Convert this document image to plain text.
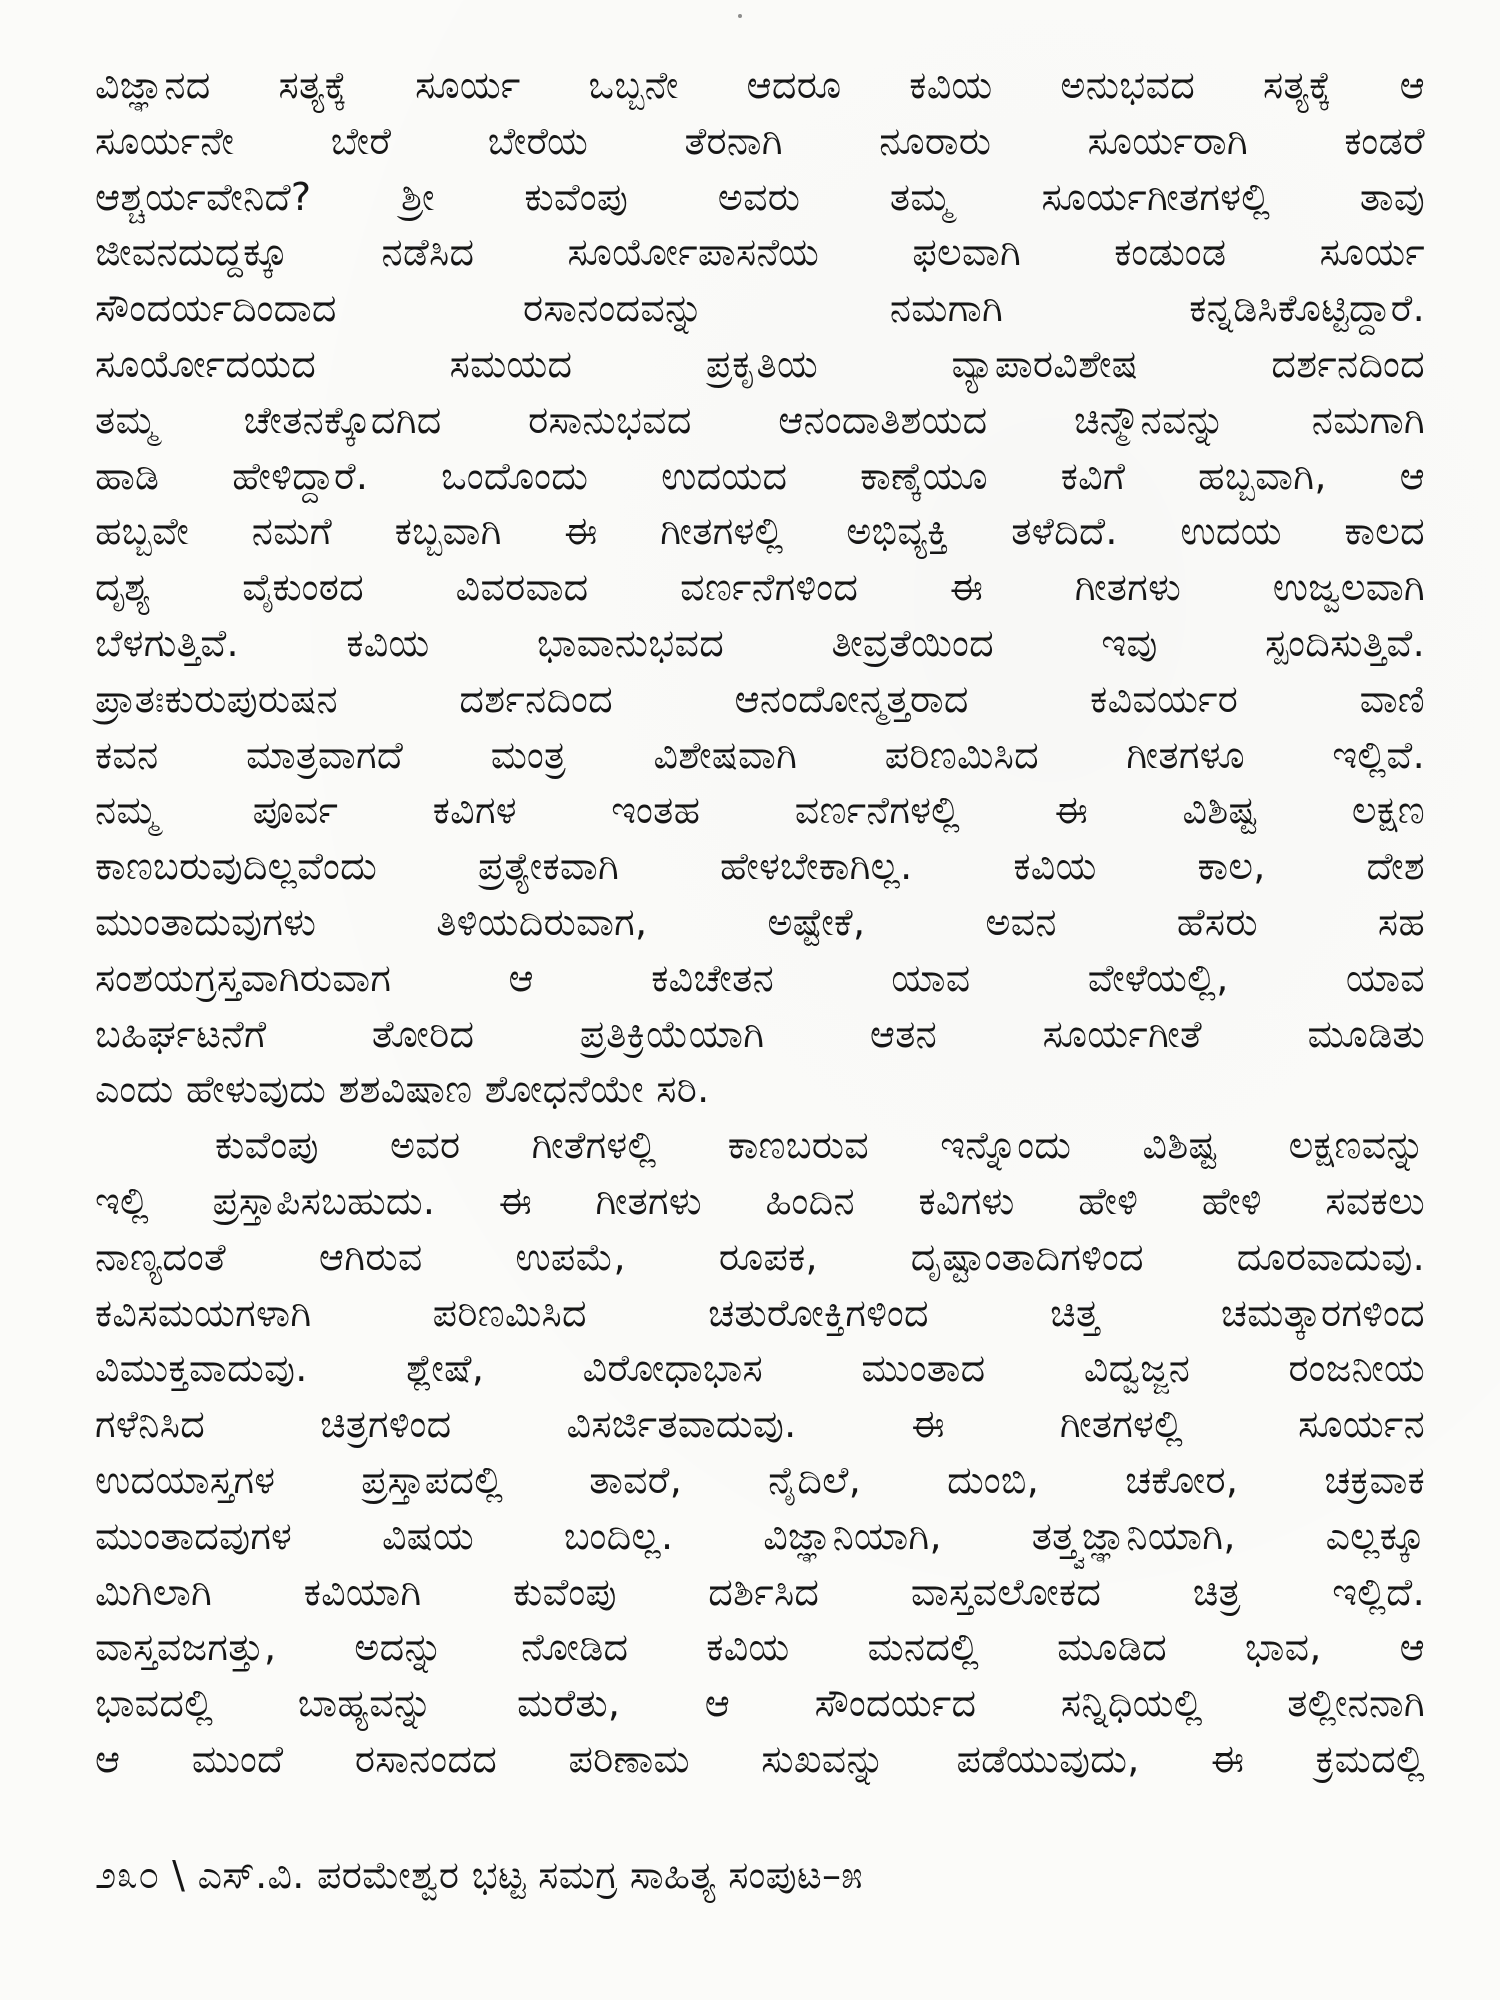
ವಿಜ್ಞಾನದ ಸತ್ಯಕ್ಕೆ ಸೂರ್ಯ ಒಬ್ಬನೇ ಆದರೂ ಕವಿಯ ಅನುಭವದ ಸತ್ಯಕ್ಕೆ ಆ
ಸೂರ್ಯನೇ ಬೇರೆ ಬೇರೆಯ ತೆರನಾಗಿ ನೂರಾರು ಸೂರ್ಯರಾಗಿ ಕಂಡರೆ
ಆಶ್ಚರ್ಯವೇನಿದೆ? ಶ್ರೀ ಕುವೆಂಪು ಅವರು ತಮ್ಮ ಸೂರ್ಯಗೀತಗಳಲ್ಲಿ ತಾವು
ಜೀವನದುದ್ದಕ್ಕೂ ನಡೆಸಿದ ಸೂರ್ಯೋಪಾಸನೆಯ ಫಲವಾಗಿ ಕಂಡುಂಡ ಸೂರ್ಯ
ಸೌಂದರ್ಯದಿಂದಾದ ರಸಾನಂದವನ್ನು ನಮಗಾಗಿ ಕನ್ನಡಿಸಿಕೊಟ್ಟಿದ್ದಾರೆ.
ಸೂರ್ಯೋದಯದ ಸಮಯದ ಪ್ರಕೃತಿಯ ವ್ಯಾಪಾರವಿಶೇಷ ದರ್ಶನದಿಂದ
ತಮ್ಮ ಚೇತನಕ್ಕೊದಗಿದ ರಸಾನುಭವದ ಆನಂದಾತಿಶಯದ ಚಿನ್ಮೌನವನ್ನು ನಮಗಾಗಿ
ಹಾಡಿ ಹೇಳಿದ್ದಾರೆ. ಒಂದೊಂದು ಉದಯದ ಕಾಣ್ಕೆಯೂ ಕವಿಗೆ ಹಬ್ಬವಾಗಿ, ಆ
ಹಬ್ಬವೇ ನಮಗೆ ಕಬ್ಬವಾಗಿ ಈ ಗೀತಗಳಲ್ಲಿ ಅಭಿವ್ಯಕ್ತಿ ತಳೆದಿದೆ. ಉದಯ ಕಾಲದ
ದೃಶ್ಯ ವೈಕುಂಠದ ವಿವರವಾದ ವರ್ಣನೆಗಳಿಂದ ಈ ಗೀತಗಳು ಉಜ್ವಲವಾಗಿ
ಬೆಳಗುತ್ತಿವೆ. ಕವಿಯ ಭಾವಾನುಭವದ ತೀವ್ರತೆಯಿಂದ ಇವು ಸ್ಪಂದಿಸುತ್ತಿವೆ.
ಪ್ರಾತಃಕುರುಪುರುಷನ ದರ್ಶನದಿಂದ ಆನಂದೋನ್ಮತ್ತರಾದ ಕವಿವರ್ಯರ ವಾಣಿ
ಕವನ ಮಾತ್ರವಾಗದೆ ಮಂತ್ರ ವಿಶೇಷವಾಗಿ ಪರಿಣಮಿಸಿದ ಗೀತಗಳೂ ಇಲ್ಲಿವೆ.
ನಮ್ಮ ಪೂರ್ವ ಕವಿಗಳ ಇಂತಹ ವರ್ಣನೆಗಳಲ್ಲಿ ಈ ವಿಶಿಷ್ಟ ಲಕ್ಷಣ
ಕಾಣಬರುವುದಿಲ್ಲವೆಂದು ಪ್ರತ್ಯೇಕವಾಗಿ ಹೇಳಬೇಕಾಗಿಲ್ಲ. ಕವಿಯ ಕಾಲ, ದೇಶ
ಮುಂತಾದುವುಗಳು ತಿಳಿಯದಿರುವಾಗ, ಅಷ್ಟೇಕೆ, ಅವನ ಹೆಸರು ಸಹ
ಸಂಶಯಗ್ರಸ್ತವಾಗಿರುವಾಗ ಆ ಕವಿಚೇತನ ಯಾವ ವೇಳೆಯಲ್ಲಿ, ಯಾವ
ಬಹಿರ್ಘಟನೆಗೆ ತೋರಿದ ಪ್ರತಿಕ್ರಿಯೆಯಾಗಿ ಆತನ ಸೂರ್ಯಗೀತೆ ಮೂಡಿತು
ಎಂದು ಹೇಳುವುದು ಶಶವಿಷಾಣ ಶೋಧನೆಯೇ ಸರಿ.
ಕುವೆಂಪು ಅವರ ಗೀತೆಗಳಲ್ಲಿ ಕಾಣಬರುವ ಇನ್ನೊಂದು ವಿಶಿಷ್ಟ ಲಕ್ಷಣವನ್ನು
ಇಲ್ಲಿ ಪ್ರಸ್ತಾಪಿಸಬಹುದು. ಈ ಗೀತಗಳು ಹಿಂದಿನ ಕವಿಗಳು ಹೇಳಿ ಹೇಳಿ ಸವಕಲು
ನಾಣ್ಯದಂತೆ ಆಗಿರುವ ಉಪಮೆ, ರೂಪಕ, ದೃಷ್ಟಾಂತಾದಿಗಳಿಂದ ದೂರವಾದುವು.
ಕವಿಸಮಯಗಳಾಗಿ ಪರಿಣಮಿಸಿದ ಚತುರೋಕ್ತಿಗಳಿಂದ ಚಿತ್ತ ಚಮತ್ಕಾರಗಳಿಂದ
ವಿಮುಕ್ತವಾದುವು. ಶ್ಲೇಷೆ, ವಿರೋಧಾಭಾಸ ಮುಂತಾದ ವಿದ್ವಜ್ಜನ ರಂಜನೀಯ
ಗಳೆನಿಸಿದ ಚಿತ್ರಗಳಿಂದ ವಿಸರ್ಜಿತವಾದುವು. ಈ ಗೀತಗಳಲ್ಲಿ ಸೂರ್ಯನ
ಉದಯಾಸ್ತಗಳ ಪ್ರಸ್ತಾಪದಲ್ಲಿ ತಾವರೆ, ನೈದಿಲೆ, ದುಂಬಿ, ಚಕೋರ, ಚಕ್ರವಾಕ
ಮುಂತಾದವುಗಳ ವಿಷಯ ಬಂದಿಲ್ಲ. ವಿಜ್ಞಾನಿಯಾಗಿ, ತತ್ತ್ವಜ್ಞಾನಿಯಾಗಿ, ಎಲ್ಲಕ್ಕೂ
ಮಿಗಿಲಾಗಿ ಕವಿಯಾಗಿ ಕುವೆಂಪು ದರ್ಶಿಸಿದ ವಾಸ್ತವಲೋಕದ ಚಿತ್ರ ಇಲ್ಲಿದೆ.
ವಾಸ್ತವಜಗತ್ತು, ಅದನ್ನು ನೋಡಿದ ಕವಿಯ ಮನದಲ್ಲಿ ಮೂಡಿದ ಭಾವ, ಆ
ಭಾವದಲ್ಲಿ ಬಾಹ್ಯವನ್ನು ಮರೆತು, ಆ ಸೌಂದರ್ಯದ ಸನ್ನಿಧಿಯಲ್ಲಿ ತಲ್ಲೀನನಾಗಿ
ಆ ಮುಂದೆ ರಸಾನಂದದ ಪರಿಣಾಮ ಸುಖವನ್ನು ಪಡೆಯುವುದು, ಈ ಕ್ರಮದಲ್ಲಿ
೨೩೦ \ ಎಸ್.ವಿ. ಪರಮೇಶ್ವರ ಭಟ್ಟ ಸಮಗ್ರ ಸಾಹಿತ್ಯ ಸಂಪುಟ–೫
